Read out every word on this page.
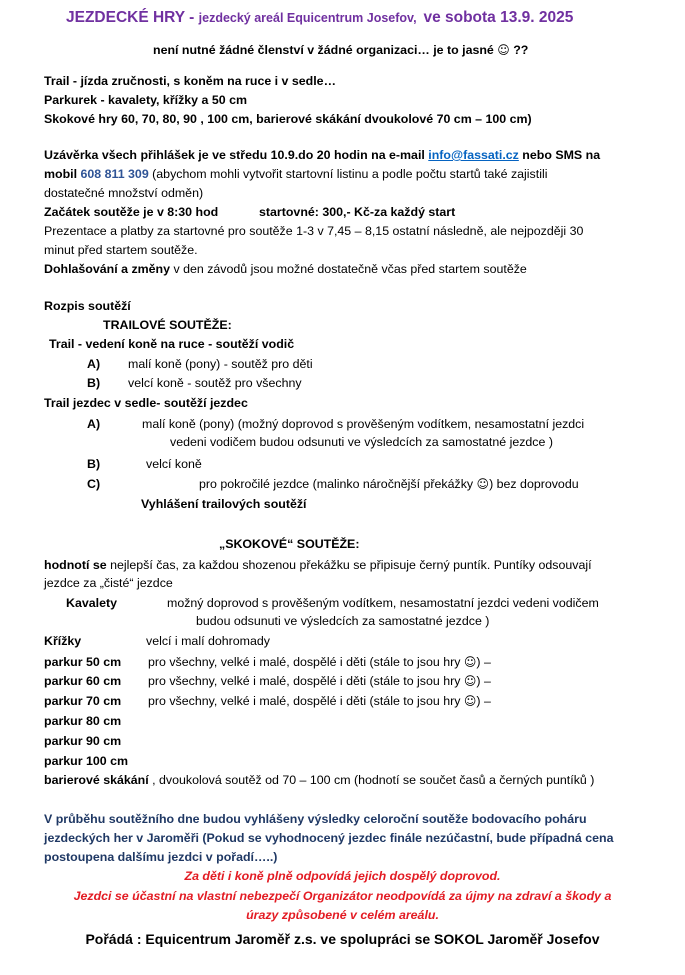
JEZDECKÉ HRY - jezdecký areál Equicentrum Josefov, ve sobota 13.9. 2025
není nutné žádné členství v žádné organizaci… je to jasné ☺ ??
Trail - jízda zručnosti, s koněm na ruce i v sedle…
Parkurek - kavalety, křížky a 50 cm
Skokové hry 60, 70, 80, 90 , 100 cm, barierové skákání dvoukolové 70 cm – 100 cm)
Uzávěrka všech přihlášek je ve středu 10.9.do 20 hodin na e-mail info@fassati.cz nebo SMS na
mobil 608 811 309 (abychom mohli vytvořit startovní listinu a podle počtu startů také zajistili
dostatečné množství odměn)
Začátek soutěže je v 8:30 hod	startovné: 300,- Kč-za každý start
Prezentace a platby za startovné pro soutěže 1-3 v 7,45 – 8,15 ostatní následně, ale nejpozději 30
minut před startem soutěže.
Dohlašování a změny v den závodů jsou možné dostatečně včas před startem soutěže
Rozpis soutěží
TRAILOVÉ SOUTĚŽE:
Trail - vedení koně na ruce - soutěží vodič
A) malí koně (pony) - soutěž pro děti
B) velcí koně - soutěž pro všechny
Trail jezdec v sedle- soutěží jezdec
A)	malí koně (pony) (možný doprovod s prověšeným vodítkem, nesamostatní jezdci
vedeni vodičem budou odsunuti ve výsledcích za samostatné jezdce )
B)	velcí koně
C)	pro pokročilé jezdce (malinko náročnější překážky ☺) bez doprovodu
Vyhlášení trailových soutěží
„SKOKOVÉ“ SOUTĚŽE:
hodnotí se nejlepší čas, za každou shozenou překážku se připisuje černý puntík. Puntíky odsouvají
jezdce za „čisté“ jezdce
Kavalety	možný doprovod s prověšeným vodítkem, nesamostatní jezdci vedeni vodičem
budou odsunuti ve výsledcích za samostatné jezdce )
Křížky	velcí i malí dohromady
parkur 50 cm pro všechny, velké i malé, dospělé i děti (stále to jsou hry ☺) –
parkur 60 cm pro všechny, velké i malé, dospělé i děti (stále to jsou hry ☺) –
parkur 70 cm pro všechny, velké i malé, dospělé i děti (stále to jsou hry ☺) –
parkur 80 cm
parkur 90 cm
parkur 100 cm
barierové skákání , dvoukolová soutěž od 70 – 100 cm (hodnotí se součet časů a černých puntíků )
V průběhu soutěžního dne budou vyhlášeny výsledky celoroční soutěže bodovacího poháru
jezdeckých her v Jaroměři (Pokud se vyhodnocený jezdec finále nezúčastní, bude případná cena
postoupena dalšímu jezdci v pořadí…..)
Za děti i koně plně odpovídá jejich dospělý doprovod.
Jezdci se účastní na vlastní nebezpečí Organizátor neodpovídá za újmy na zdraví a škody a
úrazy způsobené v celém areálu.
Pořádá : Equicentrum Jaroměř z.s. ve spolupráci se SOKOL Jaroměř Josefov
